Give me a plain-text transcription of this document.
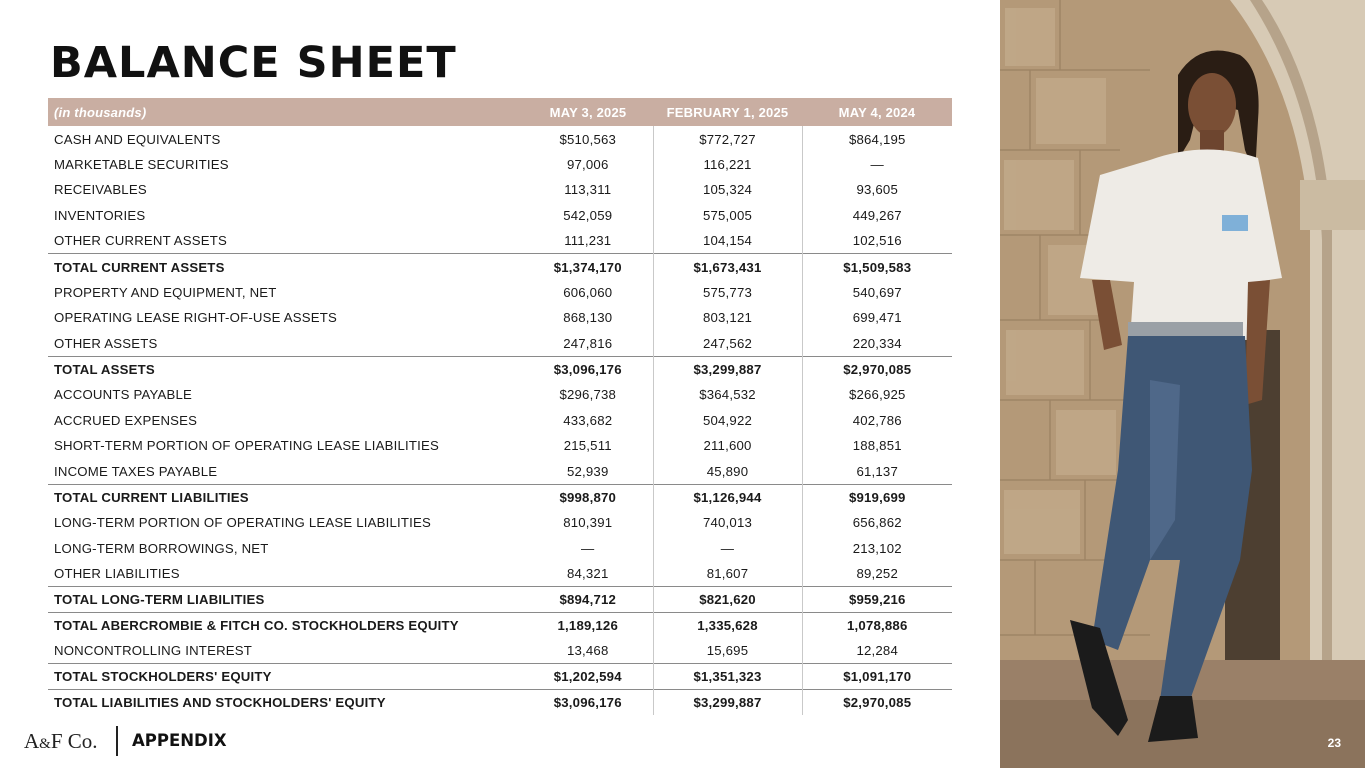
BALANCE SHEET
(in thousands)	MAY 3, 2025	FEBRUARY 1, 2025	MAY 4, 2024
CASH AND EQUIVALENTS	$510,563	$772,727	$864,195
MARKETABLE SECURITIES	97,006	116,221	—
RECEIVABLES	113,311	105,324	93,605
INVENTORIES	542,059	575,005	449,267
OTHER CURRENT ASSETS	111,231	104,154	102,516
TOTAL CURRENT ASSETS	$1,374,170	$1,673,431	$1,509,583
PROPERTY AND EQUIPMENT, NET	606,060	575,773	540,697
OPERATING LEASE RIGHT-OF-USE ASSETS	868,130	803,121	699,471
OTHER ASSETS	247,816	247,562	220,334
TOTAL ASSETS	$3,096,176	$3,299,887	$2,970,085
ACCOUNTS PAYABLE	$296,738	$364,532	$266,925
ACCRUED EXPENSES	433,682	504,922	402,786
SHORT-TERM PORTION OF OPERATING LEASE LIABILITIES	215,511	211,600	188,851
INCOME TAXES PAYABLE	52,939	45,890	61,137
TOTAL CURRENT LIABILITIES	$998,870	$1,126,944	$919,699
LONG-TERM PORTION OF OPERATING LEASE LIABILITIES	810,391	740,013	656,862
LONG-TERM BORROWINGS, NET	—	—	213,102
OTHER LIABILITIES	84,321	81,607	89,252
TOTAL LONG-TERM LIABILITIES	$894,712	$821,620	$959,216
TOTAL ABERCROMBIE & FITCH CO. STOCKHOLDERS EQUITY	1,189,126	1,335,628	1,078,886
NONCONTROLLING INTEREST	13,468	15,695	12,284
TOTAL STOCKHOLDERS' EQUITY	$1,202,594	$1,351,323	$1,091,170
TOTAL LIABILITIES AND STOCKHOLDERS' EQUITY	$3,096,176	$3,299,887	$2,970,085
A&F Co. APPENDIX	23
